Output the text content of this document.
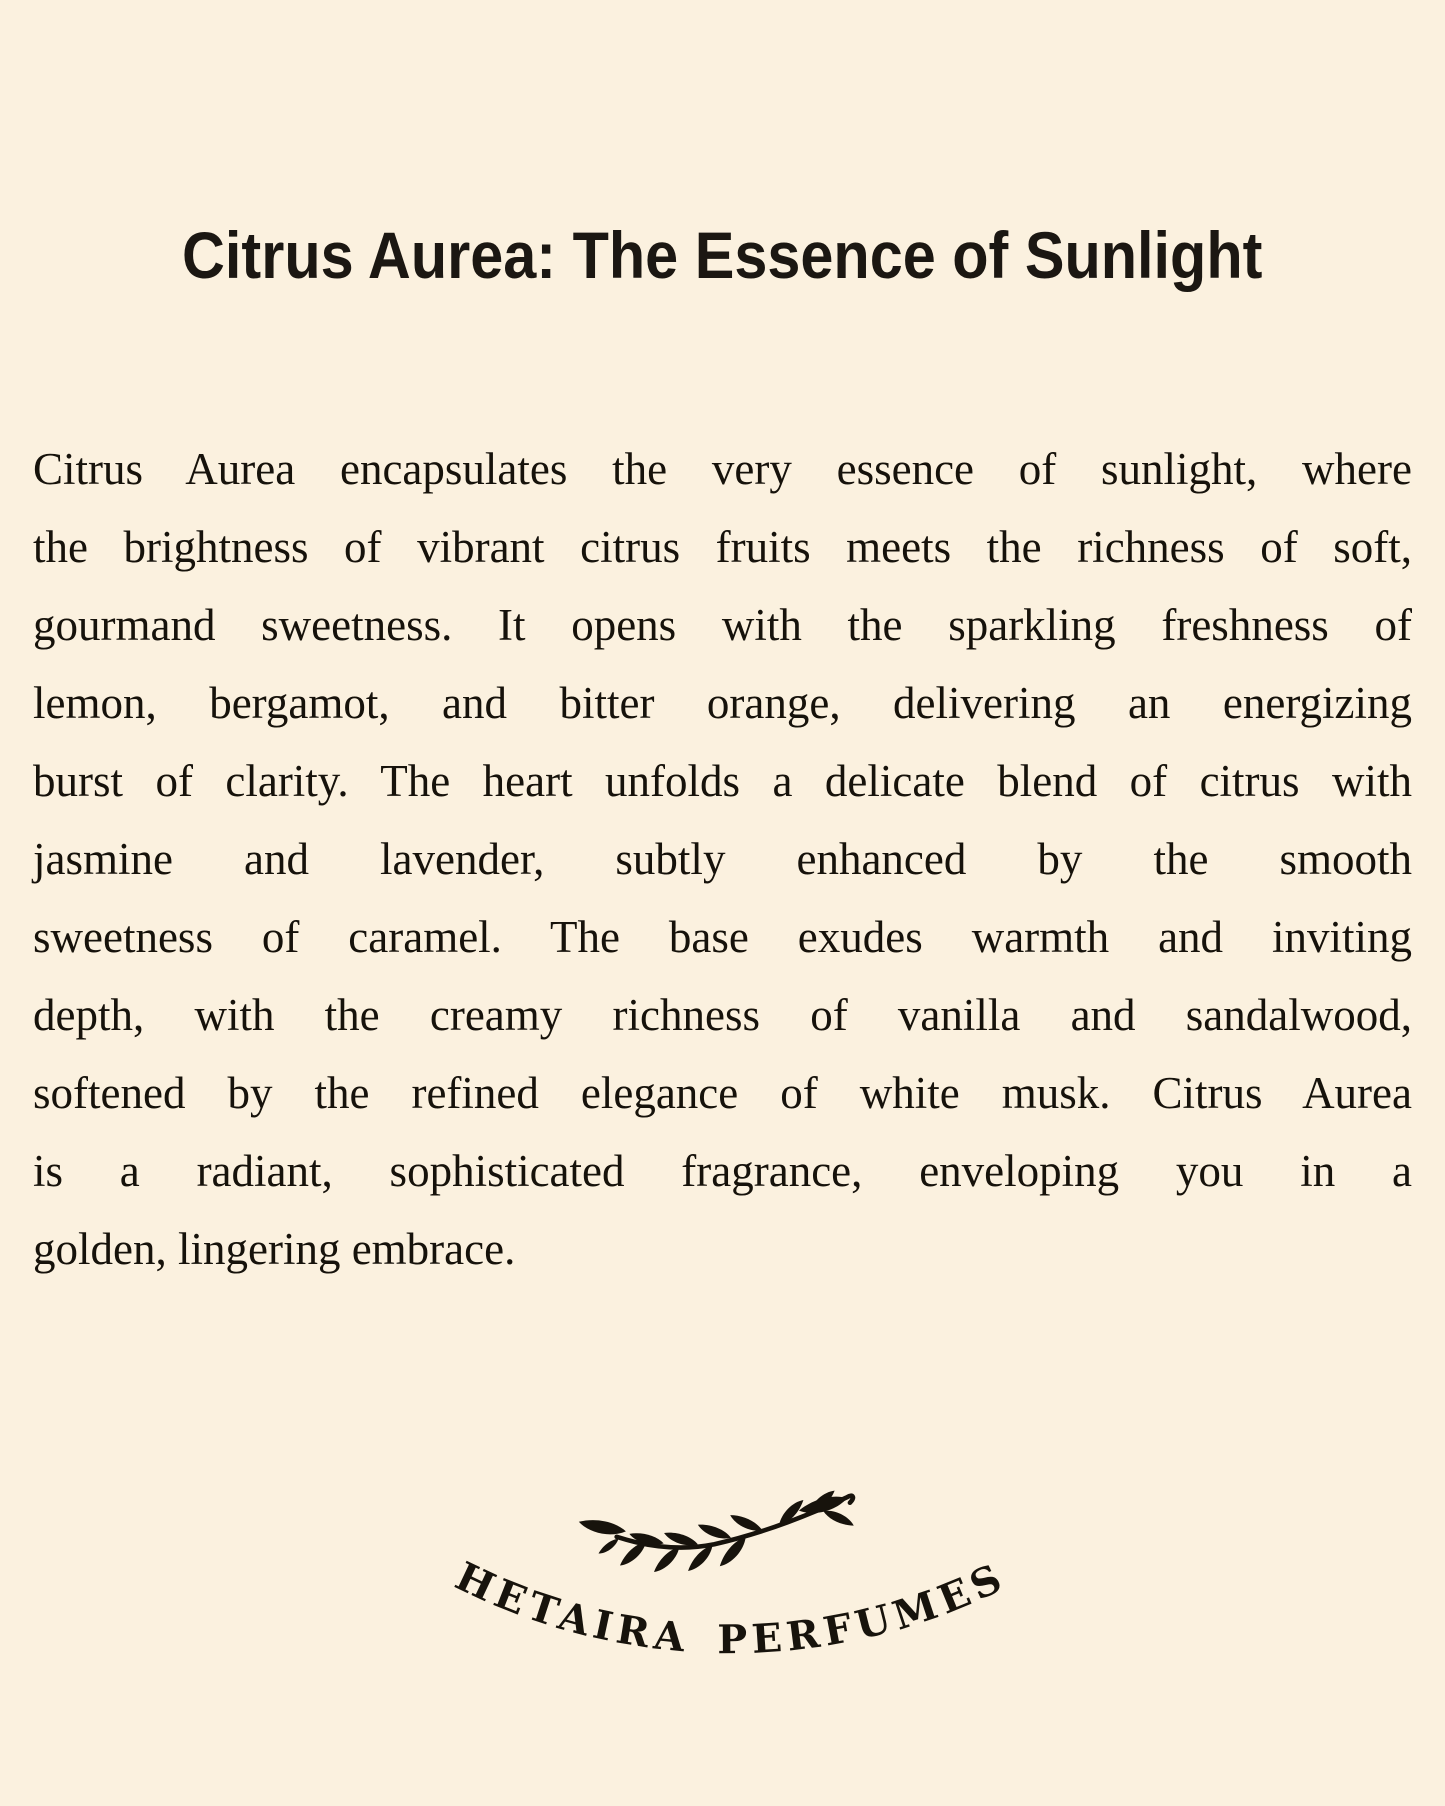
Citrus Aurea: The Essence of Sunlight
Citrus Aurea encapsulates the very essence of sunlight, where
the brightness of vibrant citrus fruits meets the richness of soft,
gourmand sweetness. It opens with the sparkling freshness of
lemon, bergamot, and bitter orange, delivering an energizing
burst of clarity. The heart unfolds a delicate blend of citrus with
jasmine and lavender, subtly enhanced by the smooth
sweetness of caramel. The base exudes warmth and inviting
depth, with the creamy richness of vanilla and sandalwood,
softened by the refined elegance of white musk. Citrus Aurea
is a radiant, sophisticated fragrance, enveloping you in a
golden, lingering embrace.
HETAIRA PERFUMES
